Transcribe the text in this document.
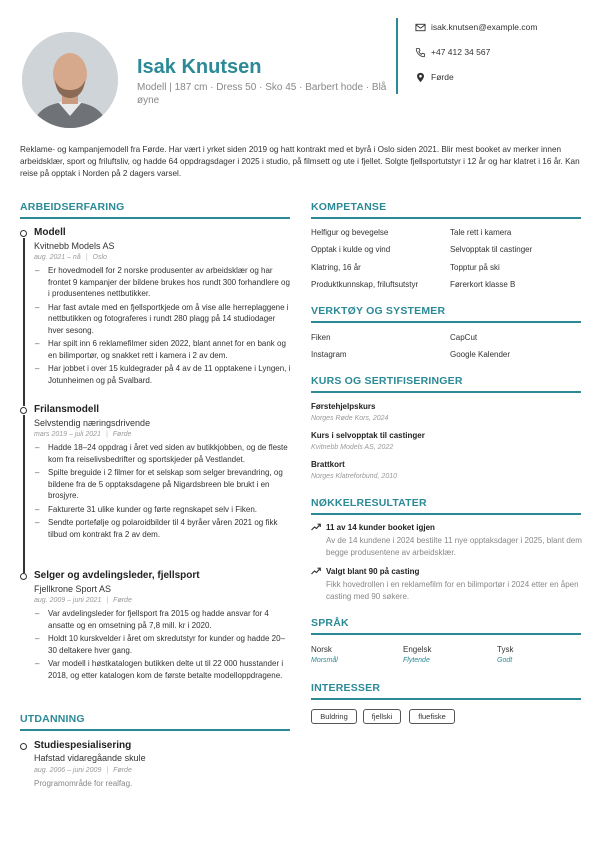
Isak Knutsen
Modell | 187 cm · Dress 50 · Sko 45 · Barbert hode · Blå øyne
isak.knutsen@example.com
+47 412 34 567
Førde
Reklame- og kampanjemodell fra Førde. Har vært i yrket siden 2019 og hatt kontrakt med et byrå i Oslo siden 2021. Blir mest booket av merker innen arbeidsklær, sport og friluftsliv, og hadde 64 oppdragsdager i 2025 i studio, på filmsett og ute i fjellet. Solgte fjellsportutstyr i 12 år og har klatret i 16 år. Kan reise på opptak i Norden på 2 dagers varsel.
ARBEIDSERFARING
Modell
Kvitnebb Models AS
aug. 2021 – nå | Oslo
– Er hovedmodell for 2 norske produsenter av arbeidsklær og har frontet 9 kampanjer der bildene brukes hos rundt 300 forhandlere og i produsentenes nettbutikker.
– Har fast avtale med en fjellsportkjede om å vise alle herreplaggene i nettbutikken og fotograferes i rundt 280 plagg på 14 studiodager hver sesong.
– Har spilt inn 6 reklamefilmer siden 2022, blant annet for en bank og en bilimportør, og snakket rett i kamera i 2 av dem.
– Har jobbet i over 15 kuldegrader på 4 av de 11 opptakene i Lyngen, i Jotunheimen og på Svalbard.
Frilansmodell
Selvstendig næringsdrivende
mars 2019 – juli 2021 | Førde
– Hadde 18–24 oppdrag i året ved siden av butikkjobben, og de fleste kom fra reiselivsbedrifter og sportskjeder på Vestlandet.
– Spilte breguide i 2 filmer for et selskap som selger brevandring, og bildene fra de 5 opptaksdagene på Nigardsbreen ble brukt i en brosjyre.
– Fakturerte 31 ulike kunder og førte regnskapet selv i Fiken.
– Sendte portefølje og polaroidbilder til 4 byråer våren 2021 og fikk tilbud om kontrakt fra 2 av dem.
Selger og avdelingsleder, fjellsport
Fjellkrone Sport AS
aug. 2009 – juni 2021 | Førde
– Var avdelingsleder for fjellsport fra 2015 og hadde ansvar for 4 ansatte og en omsetning på 7,8 mill. kr i 2020.
– Holdt 10 kurskvelder i året om skredutstyr for kunder og hadde 20–30 deltakere hver gang.
– Var modell i høstkatalogen butikken delte ut til 22 000 husstander i 2018, og etter katalogen kom de første betalte modelloppdragene.
UTDANNING
Studiespesialisering
Hafstad vidaregåande skule
aug. 2006 – juni 2009 | Førde
Programområde for realfag.
KOMPETANSE
Helfigur og bevegelse	Tale rett i kamera
Opptak i kulde og vind	Selvopptak til castinger
Klatring, 16 år	Topptur på ski
Produktkunnskap, friluftsutstyr	Førerkort klasse B
VERKTØY OG SYSTEMER
Fiken	CapCut
Instagram	Google Kalender
KURS OG SERTIFISERINGER
Førstehjelpskurs
Norges Røde Kors, 2024
Kurs i selvopptak til castinger
Kvitnebb Models AS, 2022
Brattkort
Norges Klatreforbund, 2010
NØKKELRESULTATER
11 av 14 kunder booket igjen
Av de 14 kundene i 2024 bestilte 11 nye opptaksdager i 2025, blant dem begge produsentene av arbeidsklær.
Valgt blant 90 på casting
Fikk hovedrollen i en reklamefilm for en bilimportør i 2024 etter en åpen casting med 90 søkere.
SPRÅK
Norsk
Morsmål
Engelsk
Flytende
Tysk
Godt
INTERESSER
Buldring	fjellski	fluefiske
